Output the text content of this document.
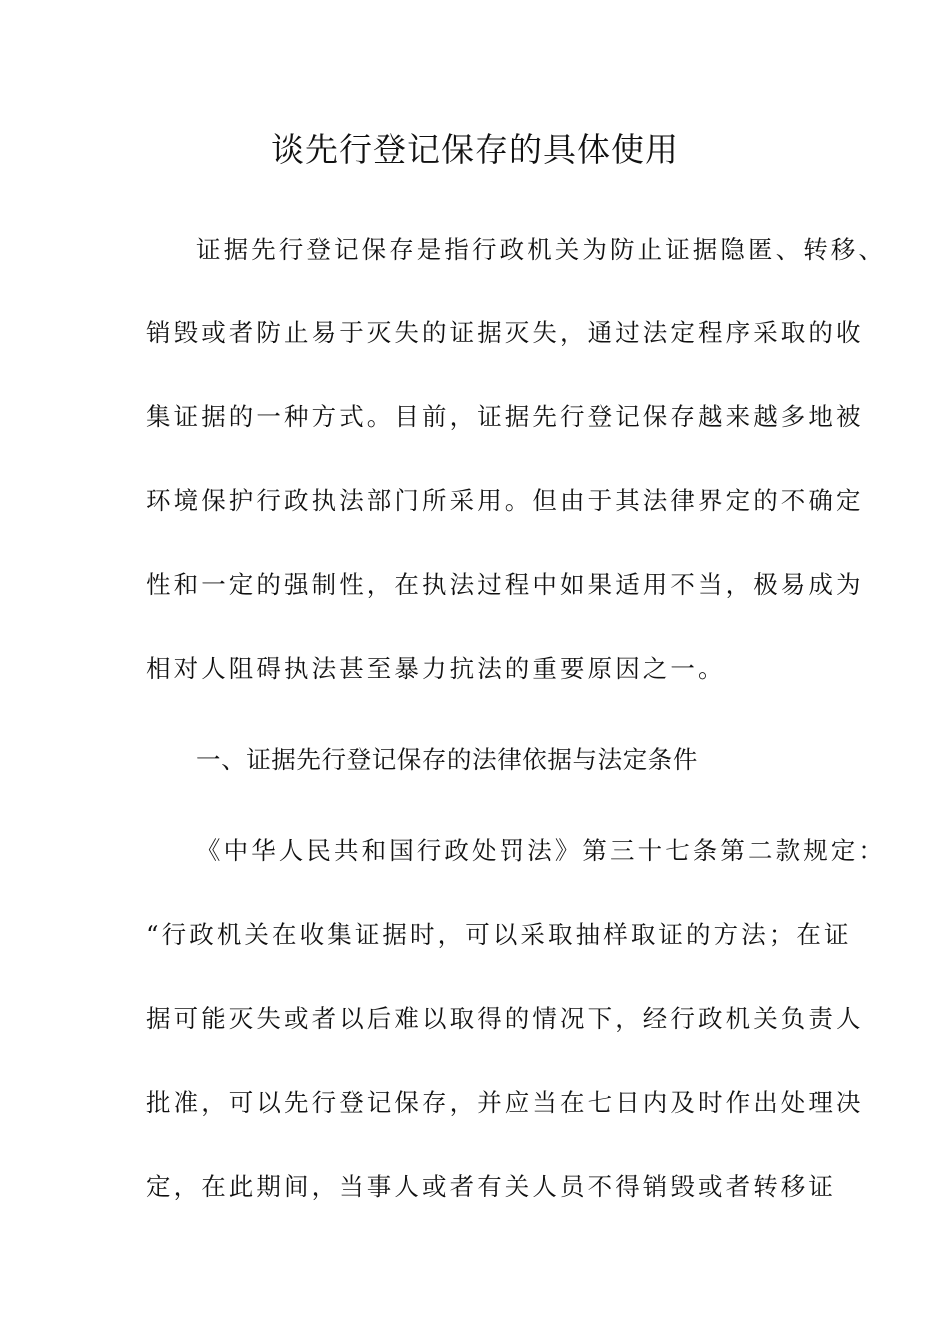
谈先行登记保存的具体使用

证据先行登记保存是指行政机关为防止证据隐匿、转移、

销毁或者防止易于灭失的证据灭失，通过法定程序采取的收

集证据的一种方式。目前，证据先行登记保存越来越多地被

环境保护行政执法部门所采用。但由于其法律界定的不确定

性和一定的强制性，在执法过程中如果适用不当，极易成为

相对人阻碍执法甚至暴力抗法的重要原因之一。

一、证据先行登记保存的法律依据与法定条件

《中华人民共和国行政处罚法》第三十七条第二款规定：

“行政机关在收集证据时，可以采取抽样取证的方法；在证

据可能灭失或者以后难以取得的情况下，经行政机关负责人

批准，可以先行登记保存，并应当在七日内及时作出处理决

定，在此期间，当事人或者有关人员不得销毁或者转移证
